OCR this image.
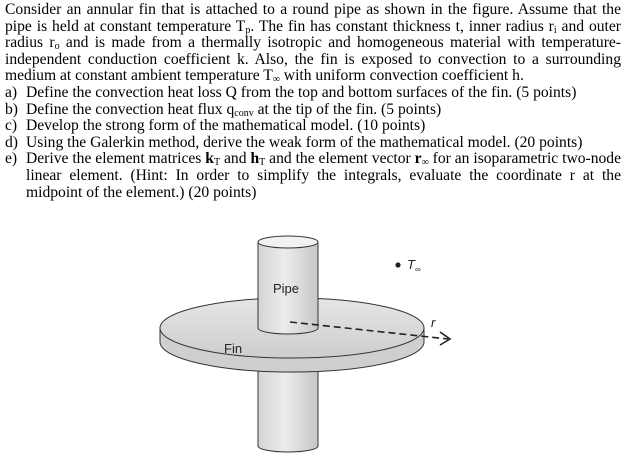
Consider an annular fin that is attached to a round pipe as shown in the figure. Assume that the pipe is held at constant temperature $T_p$. The fin has constant thickness t, inner radius $r_i$ and outer radius $r_o$ and is made from a thermally isotropic and homogeneous material with temperature-independent conduction coefficient k. Also, the fin is exposed to convection to a surrounding medium at constant ambient temperature $T_\infty$ with uniform convection coefficient h.

a) Define the convection heat loss Q from the top and bottom surfaces of the fin. (5 points)
b) Define the convection heat flux $q_{conv}$ at the tip of the fin. (5 points)
c) Develop the strong form of the mathematical model. (10 points)
d) Using the Galerkin method, derive the weak form of the mathematical model. (20 points)
e) Derive the element matrices $k_T$ and $h_T$ and the element vector $r_\infty$ for an isoparametric two-node linear element. (Hint: In order to simplify the integrals, evaluate the coordinate r at the midpoint of the element.) (20 points)
Pipe
Fin
$T_\infty$
r
